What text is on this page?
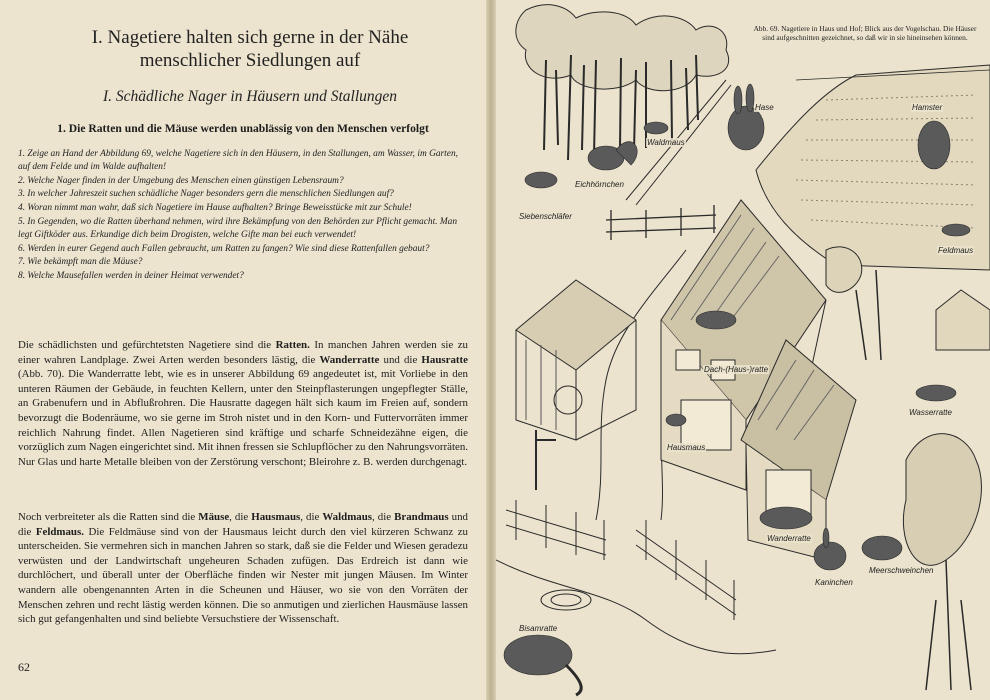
I. Nagetiere halten sich gerne in der Nähe menschlicher Siedlungen auf
I. Schädliche Nager in Häusern und Stallungen
1. Die Ratten und die Mäuse werden unablässig von den Menschen verfolgt
1. Zeige an Hand der Abbildung 69, welche Nagetiere sich in den Häusern, in den Stallungen, am Wasser, im Garten, auf dem Felde und im Walde aufhalten!
2. Welche Nager finden in der Umgebung des Menschen einen günstigen Lebensraum?
3. In welcher Jahreszeit suchen schädliche Nager besonders gern die menschlichen Siedlungen auf?
4. Woran nimmt man wahr, daß sich Nagetiere im Hause aufhalten? Bringe Beweisstücke mit zur Schule!
5. In Gegenden, wo die Ratten überhand nehmen, wird ihre Bekämpfung von den Behörden zur Pflicht gemacht. Man legt Giftköder aus. Erkundige dich beim Drogisten, welche Gifte man bei euch verwendet!
6. Werden in eurer Gegend auch Fallen gebraucht, um Ratten zu fangen? Wie sind diese Rattenfallen gebaut?
7. Wie bekämpft man die Mäuse?
8. Welche Mausefallen werden in deiner Heimat verwendet?
Die schädlichsten und gefürchtetsten Nagetiere sind die Ratten. In manchen Jahren werden sie zu einer wahren Landplage. Zwei Arten werden besonders lästig, die Wanderratte und die Hausratte (Abb. 70). Die Wanderratte lebt, wie es in unserer Abbildung 69 angedeutet ist, mit Vorliebe in den unteren Räumen der Gebäude, in feuchten Kellern, unter den Steinpflasterungen ungepflegter Ställe, an Grabenufern und in Abflußrohren. Die Hausratte dagegen hält sich kaum im Freien auf, sondern bevorzugt die Bodenräume, wo sie gerne im Stroh nistet und in den Korn- und Futtervorräten immer reichlich Nahrung findet. Allen Nagetieren sind kräftige und scharfe Schneidezähne eigen, die vorzüglich zum Nagen eingerichtet sind. Mit ihnen fressen sie Schlupflöcher zu den Nahrungsvorräten. Nur Glas und harte Metalle bleiben von der Zerstörung verschont; Bleirohre z. B. werden durchgenagt.
Noch verbreiteter als die Ratten sind die Mäuse, die Hausmaus, die Waldmaus, die Brandmaus und die Feldmaus. Die Feldmäuse sind von der Hausmaus leicht durch den viel kürzeren Schwanz zu unterscheiden. Sie vermehren sich in manchen Jahren so stark, daß sie die Felder und Wiesen geradezu verwüsten und der Landwirtschaft ungeheuren Schaden zufügen. Das Erdreich ist dann wie durchlöchert, und überall unter der Oberfläche finden wir Nester mit jungen Mäusen. Im Winter wandern alle obengenannten Arten in die Scheunen und Häuser, wo sie von den Vorräten der Menschen zehren und recht lästig werden können. Die so anmutigen und zierlichen Hausmäuse lassen sich gut gefangenhalten und sind beliebte Versuchstiere der Wissenschaft.
62
Abb. 69. Nagetiere in Haus und Hof; Blick aus der Vogelschau. Die Häuser sind aufgeschnitten gezeichnet, so daß wir in sie hineinsehen können.
Hase	Hamster
Waldmaus
Eichhörnchen
Siebenschläfer
Feldmaus
Dach-(Haus-)ratte
Wasserratte
Hausmaus
Wanderratte
Kaninchen
Meerschweinchen
Bisamratte
